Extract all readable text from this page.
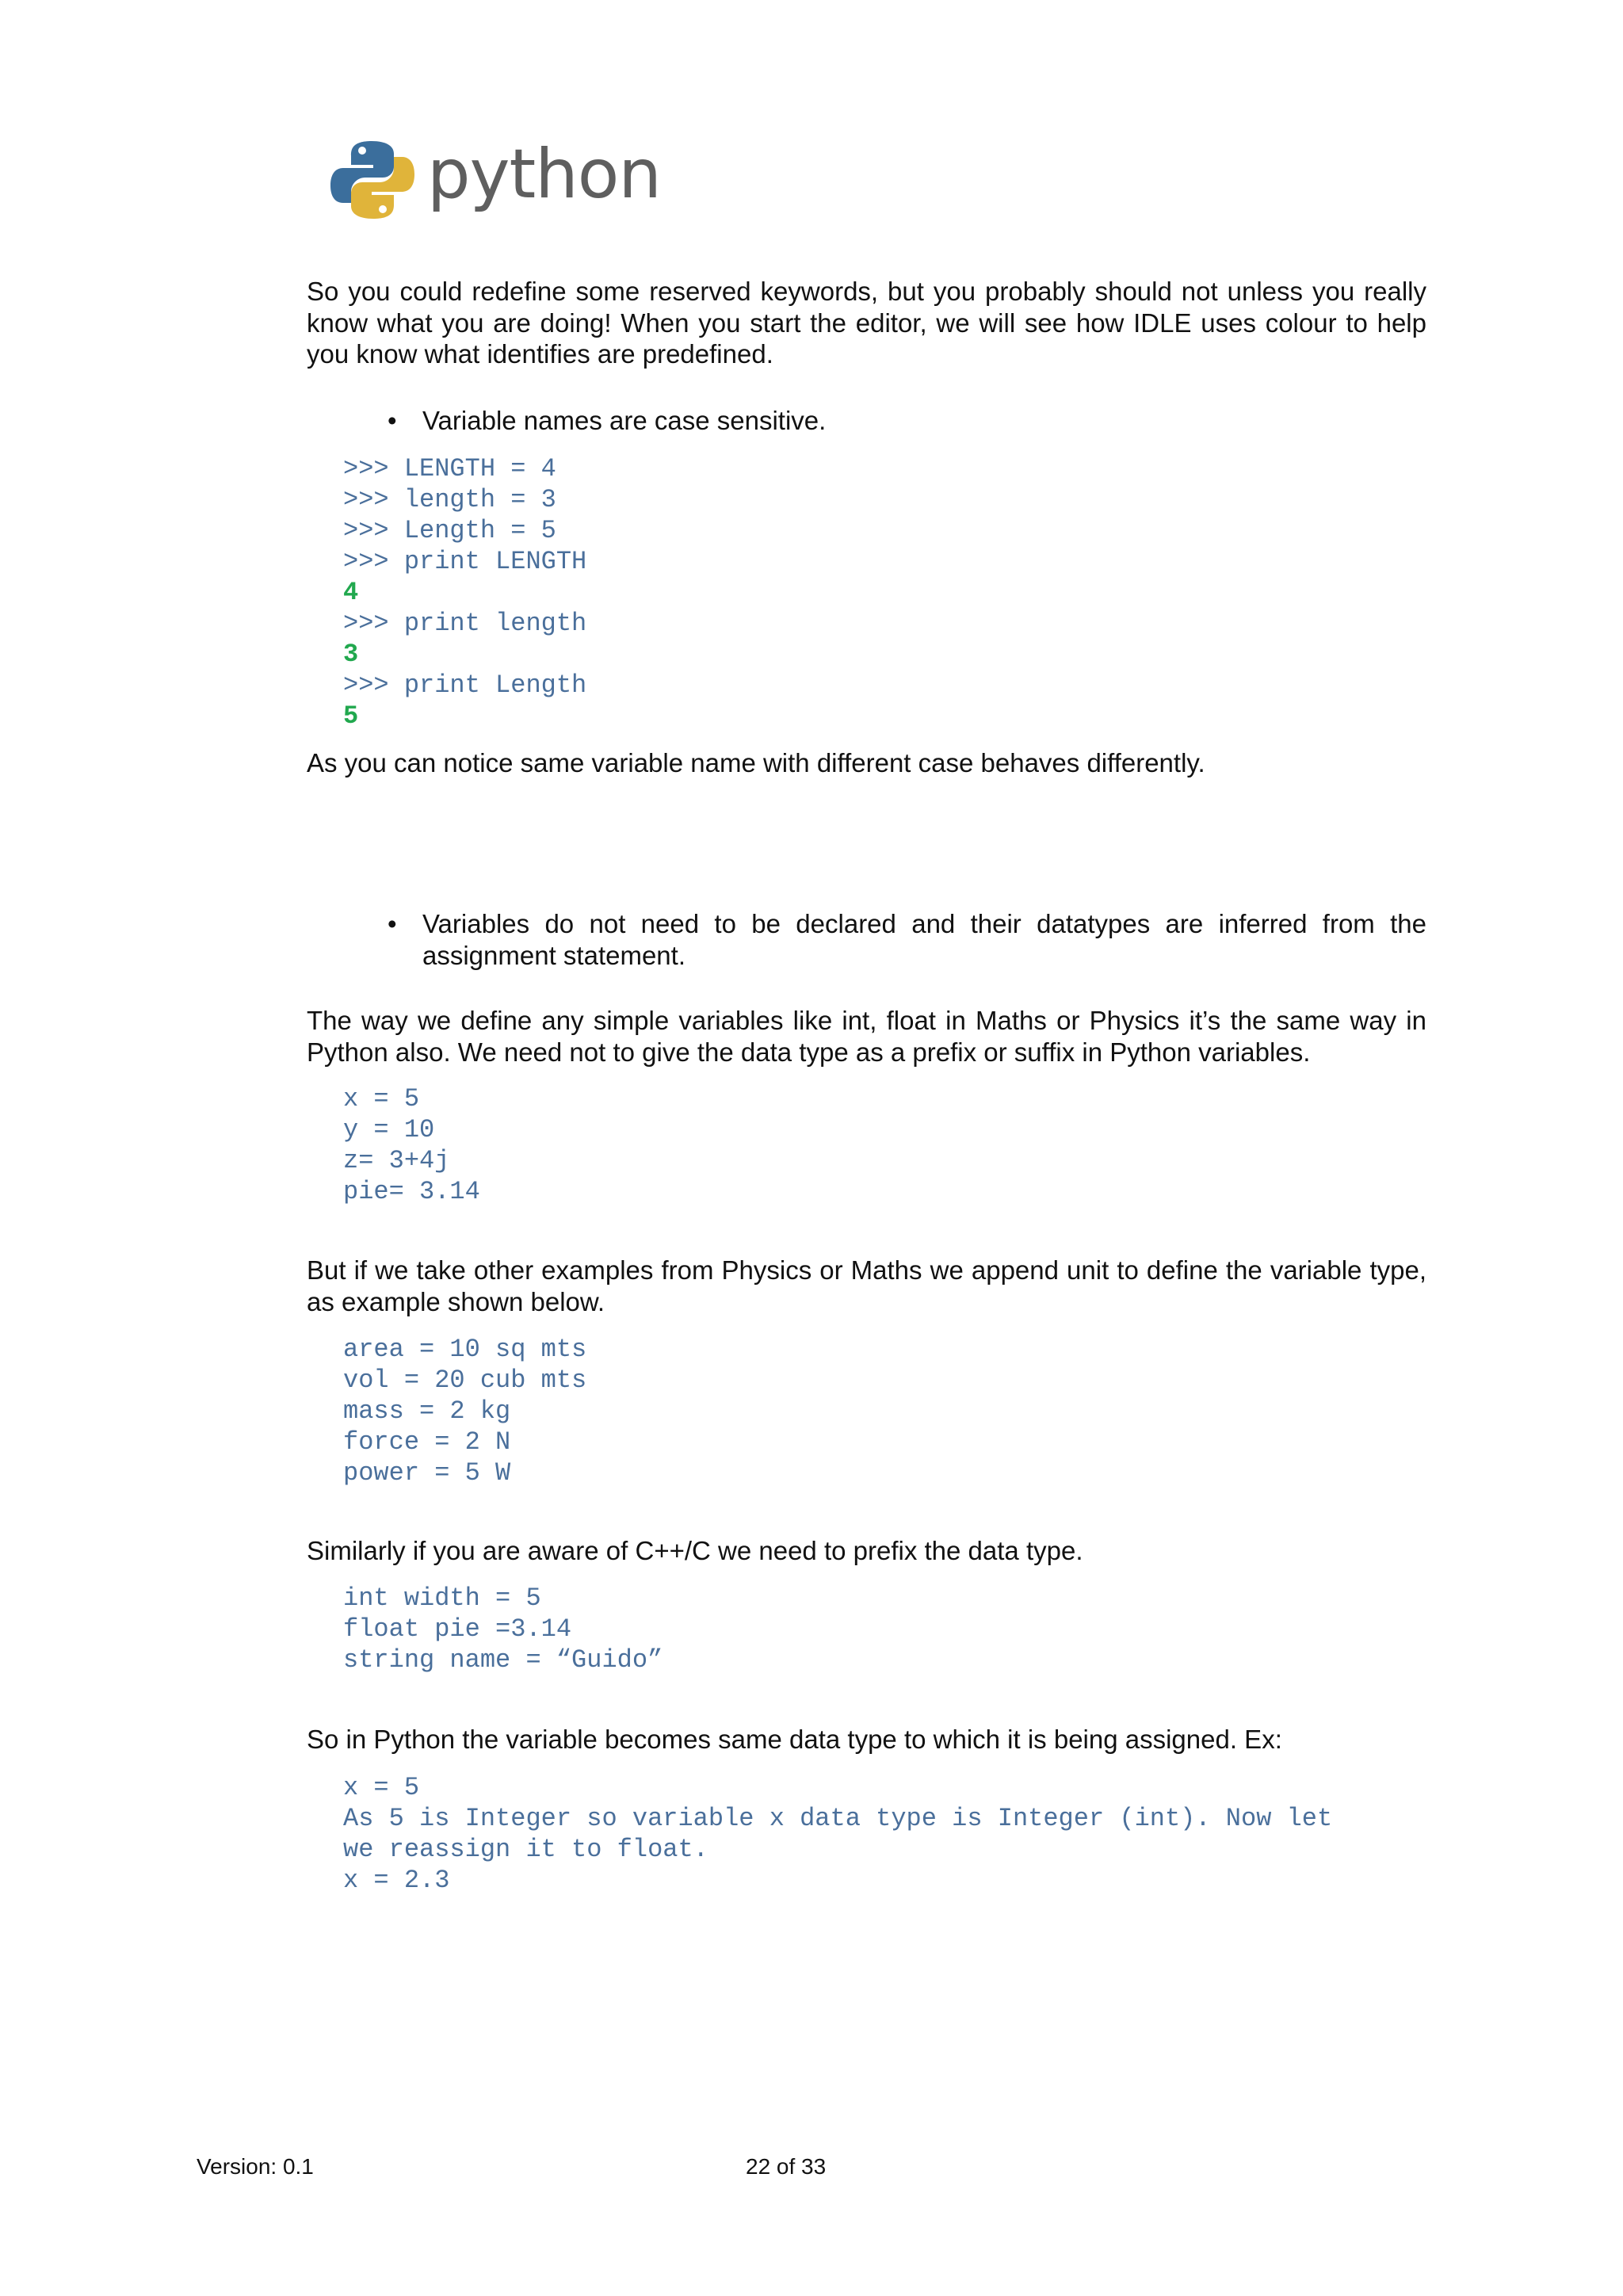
python

So you could redefine some reserved keywords, but you probably should not unless you really know what you are doing! When you start the editor, we will see how IDLE uses colour to help you know what identifies are predefined.

• Variable names are case sensitive.
>>> LENGTH = 4
>>> length = 3
>>> Length = 5
>>> print LENGTH
4
>>> print length
3
>>> print Length
5

As you can notice same variable name with different case behaves differently.

• Variables do not need to be declared and their datatypes are inferred from the assignment statement.

The way we define any simple variables like int, float in Maths or Physics it’s the same way in Python also. We need not to give the data type as a prefix or suffix in Python variables.

x = 5
y = 10
z= 3+4j
pie= 3.14

But if we take other examples from Physics or Maths we append unit to define the variable type, as example shown below.

area = 10 sq mts
vol = 20 cub mts
mass = 2 kg
force = 2 N
power = 5 W

Similarly if you are aware of C++/C we need to prefix the data type.

int width = 5
float pie =3.14
string name = “Guido”

So in Python the variable becomes same data type to which it is being assigned. Ex:

x = 5
As 5 is Integer so variable x data type is Integer (int). Now let
we reassign it to float.
x = 2.3
Version: 0.1	22 of 33
